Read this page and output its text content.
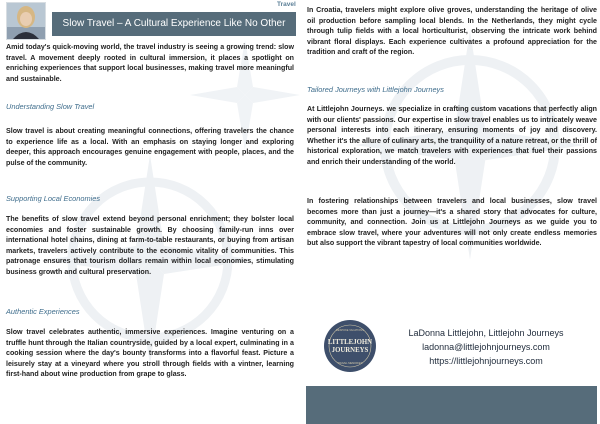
Travel
Slow Travel – A Cultural Experience Like No Other

Amid today's quick-moving world, the travel industry is seeing a growing trend: slow travel. A movement deeply rooted in cultural immersion, it places a spotlight on enriching experiences that support local businesses, making travel more meaningful and sustainable.

Understanding Slow Travel

Slow travel is about creating meaningful connections, offering travelers the chance to experience life as a local. With an emphasis on staying longer and exploring deeper, this approach encourages genuine engagement with people, places, and the pulse of the community.

Supporting Local Economies

The benefits of slow travel extend beyond personal enrichment; they bolster local economies and foster sustainable growth. By choosing family-run inns over international hotel chains, dining at farm-to-table restaurants, or buying from artisan markets, travelers actively contribute to the economic vitality of communities. This patronage ensures that tourism dollars remain within local economies, stimulating business growth and cultural preservation.

Authentic Experiences

Slow travel celebrates authentic, immersive experiences. Imagine venturing on a truffle hunt through the Italian countryside, guided by a local expert, culminating in a cooking session where the day's bounty transforms into a flavorful feast. Picture a leisurely stay at a vineyard where you stroll through fields with a vintner, learning first-hand about wine production from grape to glass.

In Croatia, travelers might explore olive groves, understanding the heritage of olive oil production before sampling local blends. In the Netherlands, they might cycle through tulip fields with a local horticulturist, observing the intricate work behind vibrant floral displays. Each experience cultivates a profound appreciation for the tradition and craft of the region.

Tailored Journeys with Littlejohn Journeys

At Littlejohn Journeys. we specialize in crafting custom vacations that perfectly align with our clients' passions. Our expertise in slow travel enables us to intricately weave personal interests into each itinerary, ensuring moments of joy and discovery. Whether it's the allure of culinary arts, the tranquility of a nature retreat, or the thrill of historical exploration, we match travelers with experiences that fuel their passions and enrich their understanding of the world.

In fostering relationships between travelers and local businesses, slow travel becomes more than just a journey—it's a shared story that advocates for culture, community, and connection. Join us at Littlejohn Journeys as we guide you to embrace slow travel, where your adventures will not only create endless memories but also support the vibrant tapestry of local communities worldwide.

LITTLEJOHN
JOURNEYS
BESPOKE VACATIONS
TRAVEL MEMORIES
LaDonna Littlejohn, Littlejohn Journeys
ladonna@littlejohnjourneys.com
https://littlejohnjourneys.com
